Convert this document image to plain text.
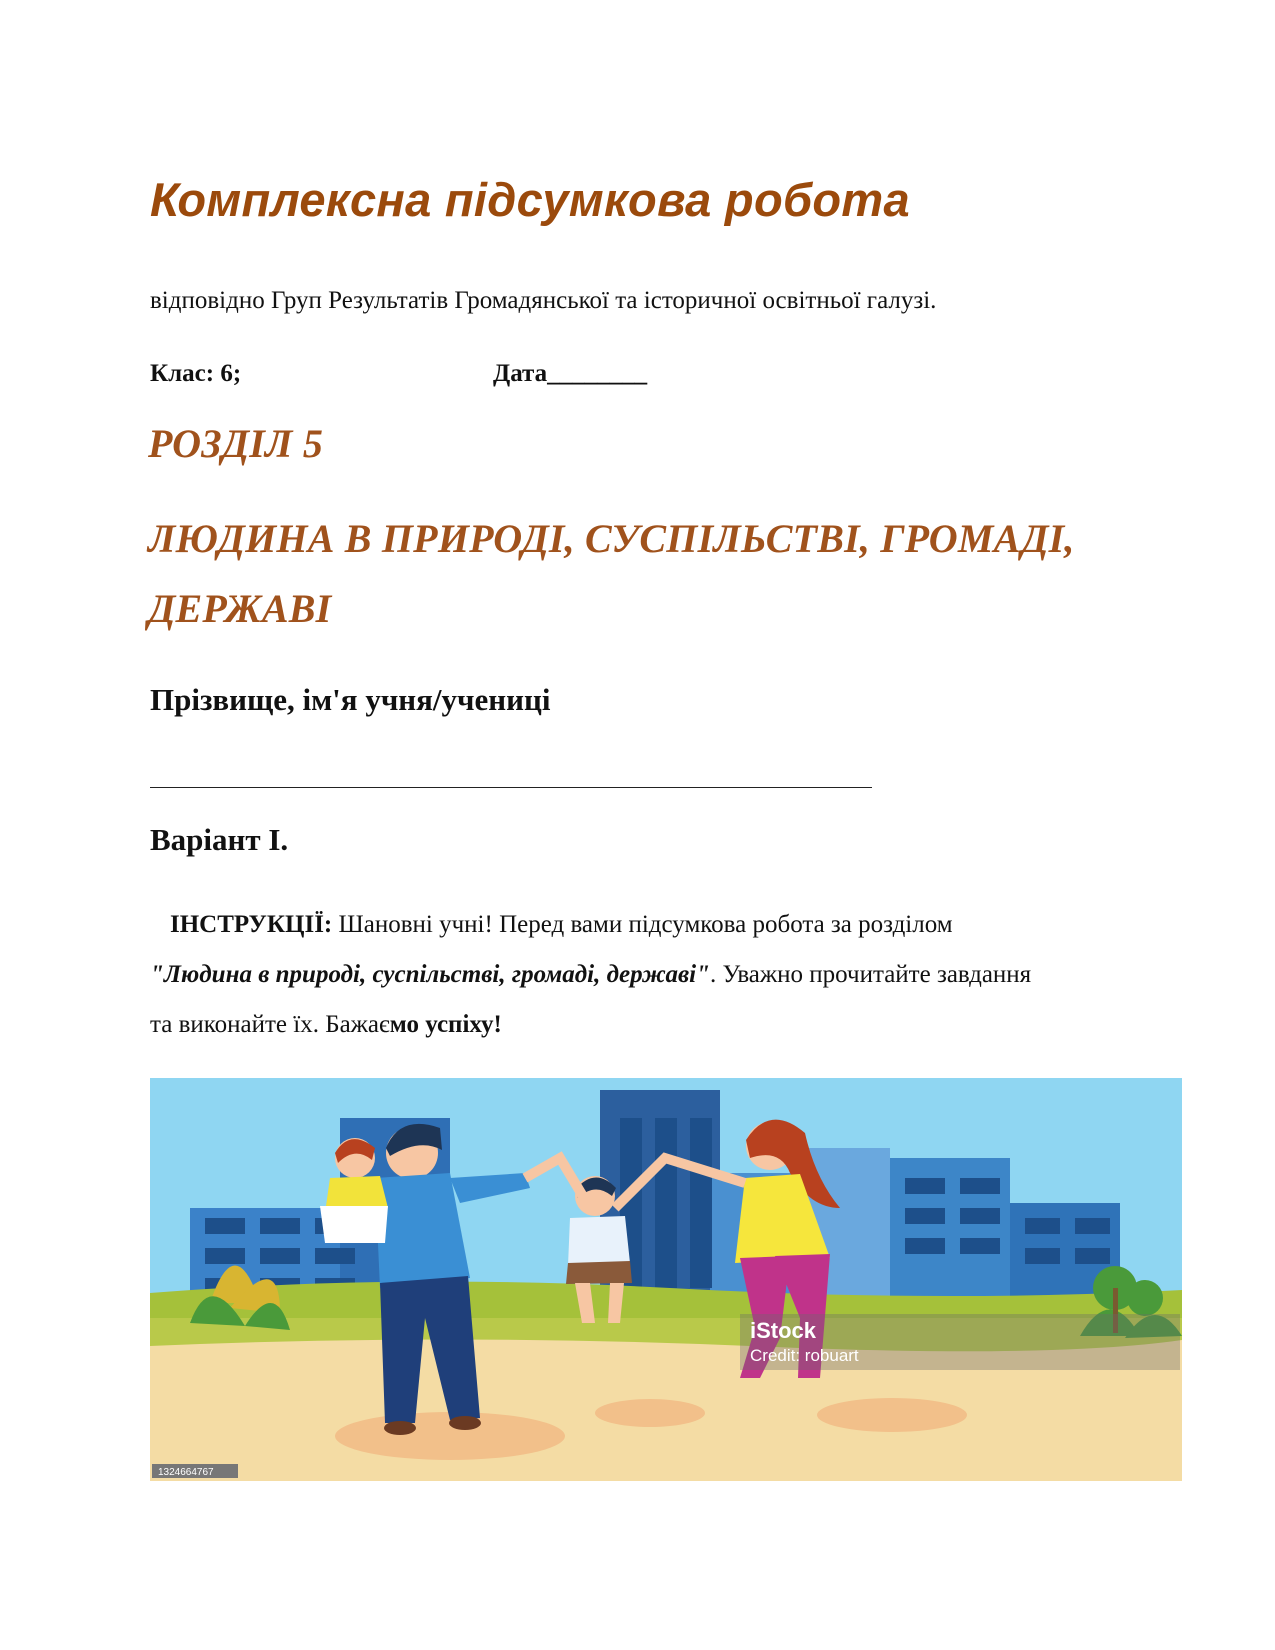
Комплексна підсумкова робота
відповідно Груп Результатів Громадянської та історичної освітньої галузі.
Клас: 6;	Дата________
РОЗДІЛ 5
ЛЮДИНА В ПРИРОДІ, СУСПІЛЬСТВІ, ГРОМАДІ,
ДЕРЖАВІ
Прізвище, ім'я учня/учениці
Варіант І.
ІНСТРУКЦІЇ: Шановні учні! Перед вами підсумкова робота за розділом
"Людина в природі, суспільстві, громаді, державі". Уважно прочитайте завдання
та виконайте їх. Бажаємо успіху!
iStock
Credit: robuart
1324664767
